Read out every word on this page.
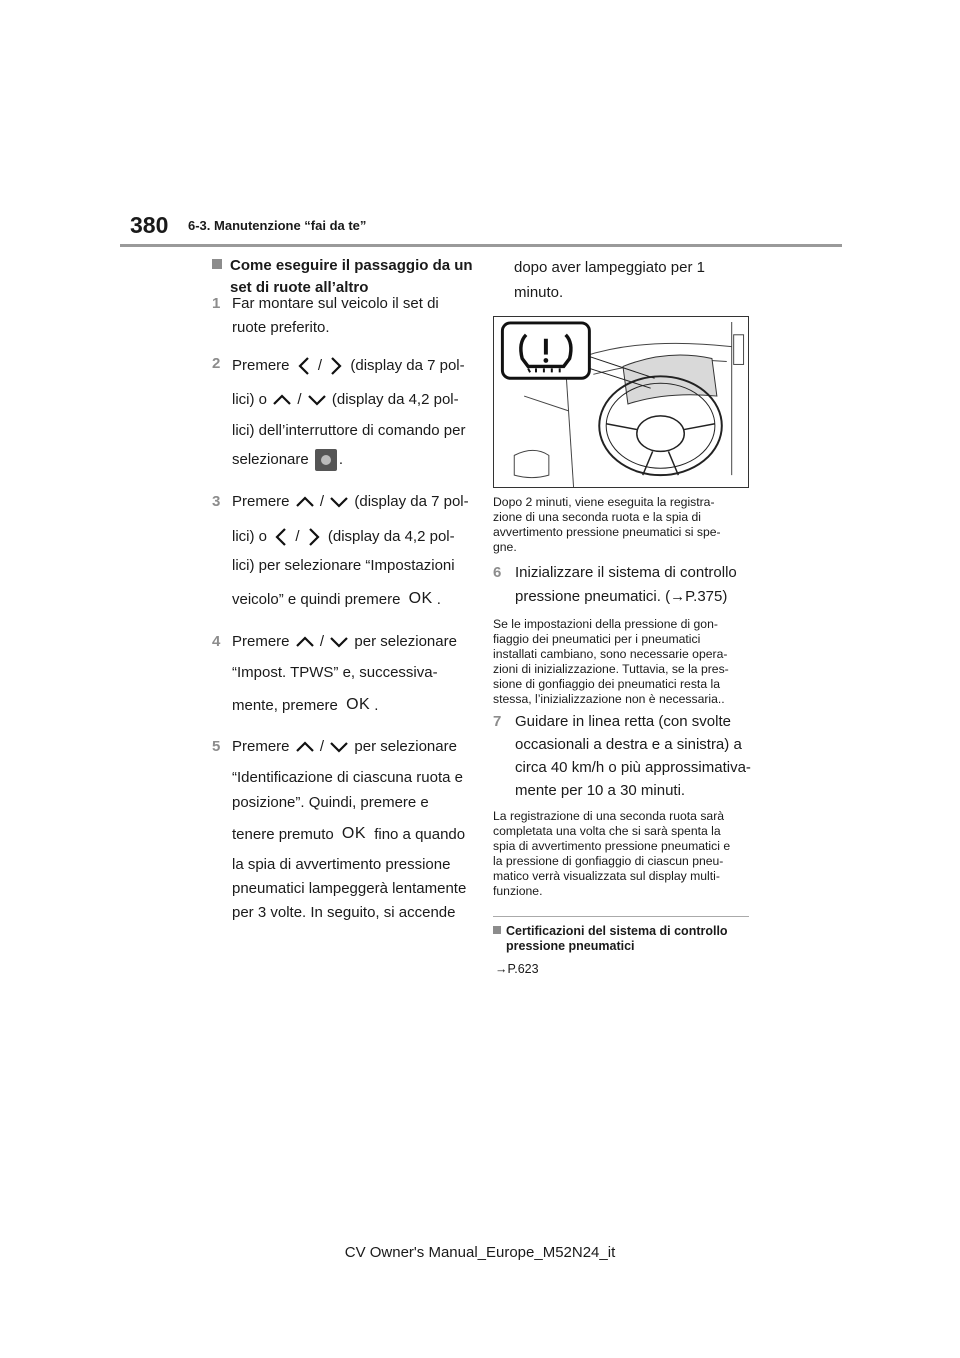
380 6-3. Manutenzione “fai da te”
Come eseguire il passaggio da un
set di ruote all’altro
1 Far montare sul veicolo il set di
ruote preferito.
2 Premere / (display da 7 pol-
lici) o / (display da 4,2 pol-
lici) dell’interruttore di comando per
selezionare .
3 Premere / (display da 7 pol-
lici) o / (display da 4,2 pol-
lici) per selezionare “Impostazioni
veicolo” e quindi premere OK .
4 Premere / per selezionare
“Impost. TPWS” e, successiva-
mente, premere OK .
5 Premere / per selezionare
“Identificazione di ciascuna ruota e
posizione”. Quindi, premere e
tenere premuto OK fino a quando
la spia di avvertimento pressione
pneumatici lampeggerà lentamente
per 3 volte. In seguito, si accende
dopo aver lampeggiato per 1
minuto.
Dopo 2 minuti, viene eseguita la registra-
zione di una seconda ruota e la spia di
avvertimento pressione pneumatici si spe-
gne.
6 Inizializzare il sistema di controllo
pressione pneumatici. (→P.375)
Se le impostazioni della pressione di gon-
fiaggio dei pneumatici per i pneumatici
installati cambiano, sono necessarie opera-
zioni di inizializzazione. Tuttavia, se la pres-
sione di gonfiaggio dei pneumatici resta la
stessa, l’inizializzazione non è necessaria..
7 Guidare in linea retta (con svolte
occasionali a destra e a sinistra) a
circa 40 km/h o più approssimativa-
mente per 10 a 30 minuti.
La registrazione di una seconda ruota sarà
completata una volta che si sarà spenta la
spia di avvertimento pressione pneumatici e
la pressione di gonfiaggio di ciascun pneu-
matico verrà visualizzata sul display multi-
funzione.
Certificazioni del sistema di controllo
pressione pneumatici
→P.623
CV Owner's Manual_Europe_M52N24_it
